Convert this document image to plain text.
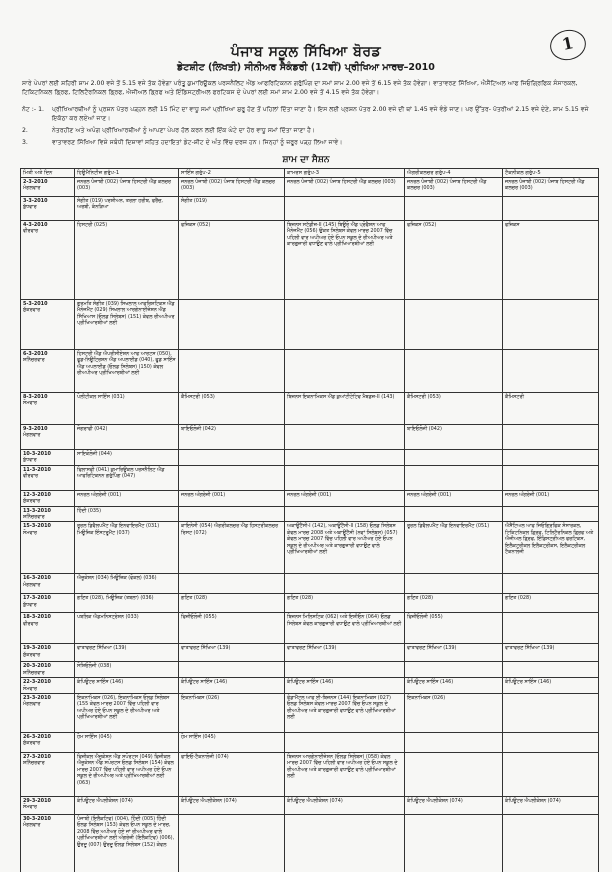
1
ਪੰਜਾਬ ਸਕੂਲ ਸਿੱਖਿਆ ਬੋਰਡ
ਡੇਟਸ਼ੀਟ (ਲਿਖਤੀ) ਸੀਨੀਅਰ ਸੈਕੰਡਰੀ (12ਵੀਂ) ਪ੍ਰੀਖਿਆ ਮਾਰਚ–2010
ਸਾਰੇ ਪੇਪਰਾਂ ਲਈ ਸ਼ਹਿਰੀ ਸ਼ਾਮ 2.00 ਵਜੇ ਤੋਂ 5.15 ਵਜੇ ਤੱਕ ਹੋਵੇਗਾ ਪਰੰਤੂ ਕੁਮਾਰਿਊਕਲ ਪਰਸਨੈਲਿਟ ਐਂਡ ਆਫਰਿਟਿਕਨਨ ਗਰੁੱਪਿੰਗ ਦਾ ਸਮਾਂ ਸ਼ਾਮ 2.00 ਵਜੇ ਤੋਂ 6.15 ਵਜੇ ਤੱਕ ਹੋਵੇਗਾ। ਵਾਤਾਵਰਣ ਸਿੱਖਿਆ, ਐਸੈਂਟਿਅਲ ਆਫ ਜਿਓਗ੍ਰਿਫਿਕ ਸੰਸਾਰਕਲ, ਟਿਕਿਟਨਿਕਲ ਡ੍ਰਿਫ, ਟਿਲਿਟੈਰਨਿਕਲ ਡ੍ਰਿਫ, ਐਜੀਅਲ ਡ੍ਰਿਫ ਅਤੇ ਇੰਡਿਸਟ੍ਰੀਅਲ ਫਰਟਿਕਸ ਦੇ ਪੇਪਰਾਂ ਲਈ ਸਮਾਂ ਸ਼ਾਮ 2.00 ਵਜੇ ਤੋਂ 4.15 ਵਜੇ ਤੱਕ ਹੋਵੇਗਾ।
ਨੋਟ :- 1.	ਪ੍ਰੀਖਿਆਰਥੀਆਂ ਨੂੰ ਪ੍ਰਸ਼ਨ ਪੱਤਰ ਪੜ੍ਹਨ ਲਈ 15 ਮਿੰਟ ਦਾ ਵਾਧੂ ਸਮਾਂ ਪ੍ਰੀਖਿਆ ਸ਼ੁਰੂ ਹੋਣ ਤੋਂ ਪਹਿਲਾਂ ਦਿੱਤਾ ਜਾਣਾ ਹੈ। ਇਸ ਲਈ ਪ੍ਰਸ਼ਨ ਪੱਤਰ 2.00 ਵਜੇ ਦੀ ਥਾਂ 1.45 ਵਜੇ ਵੰਡੇ ਜਾਣ। ਪਰ ਉੱਤਰ- ਪੱਤਰੀਆਂ 2.15 ਵਜੇ ਦੇਣੇ, ਸ਼ਾਮ 5.15 ਵਜੇ ਇਕੱਠਾ ਕਰ ਲਏਆਂ ਜਾਣ।
2.	ਨੇਤਰਹੀਣ ਅਤੇ ਅਪੰਗ ਪ੍ਰੀਖਿਆਰਥੀਆਂ ਨੂੰ ਆਪਣਾ ਪੇਪਰ ਹੱਲ ਕਰਨ ਲਈ ਇੱਕ ਘੰਟੇ ਦਾ ਹੋਰ ਵਾਧੂ ਸਮਾਂ ਦਿੱਤਾ ਜਾਣਾ ਹੈ।
3.	ਵਾਤਾਵਰਣ ਸਿੱਖਿਆ ਵਿਸ਼ੇ ਸਬੰਧੀ ਦਿਸ਼ਾਵਾਂ ਸਹਿਤ ਹਦਾਇਤਾਂ ਡੇਟ-ਸ਼ੀਟ ਦੇ ਅੰਤ ਵਿੱਚ ਦਰਜ ਹਨ। ਜਿਨ੍ਹਾਂ ਨੂੰ ਜ਼ਰੂਰ ਪੜ੍ਹ ਲਿਆ ਜਾਵੇ।
ਸ਼ਾਮ ਦਾ ਸੈਸ਼ਨ
ਮਿਤੀ ਅਤੇ ਦਿਨ	ਹਿਊਮੈਨਿਟੀਜ਼ ਗਰੁੱਪ-1	ਸਾਇੰਸ ਗਰੁੱਪ-2	ਕਾਮਰਸ ਗਰੁੱਪ-3	ਐਗਰੀਕਲਚਰ ਗਰੁੱਪ-4	ਟੈਕਨੀਕਲ ਗਰੁੱਪ-5

2-3-2010
ਮੰਗਲਵਾਰ	ਜਨਰਲ ਪੰਜਾਬੀ (002) ਪੰਜਾਬ ਹਿਸਟਰੀ ਐਂਡ ਕਲਚਰ (003)	ਜਨਰਲ ਪੰਜਾਬੀ (002) ਪੰਜਾਬ ਹਿਸਟਰੀ ਐਂਡ ਕਲਚਰ (003)	ਜਨਰਲ ਪੰਜਾਬੀ (002) ਪੰਜਾਬ ਹਿਸਟਰੀ ਐਂਡ ਕਲਚਰ (003)	ਜਨਰਲ ਪੰਜਾਬੀ (002) ਪੰਜਾਬ ਹਿਸਟਰੀ ਐਂਡ ਕਲਚਰ (003)	ਜਨਰਲ ਪੰਜਾਬੀ (002) ਪੰਜਾਬ ਹਿਸਟਰੀ ਐਂਡ ਕਲਚਰ (003)

3-3-2010
ਬੁੱਧਵਾਰ	ਸੰਗੀਤ (019) ਪਰਸ਼ੀਅਨ, ਤਰਲਾ ਹਰੀਬ, ਫਰੈਂਚ, ਅਰਬੀ, ਕੰਨੜਿਆ	ਸੰਗੀਤ (019)			

4-3-2010
ਵੀਰਵਾਰ	ਹਿਸਟਰੀ (025)	ਫਜ਼ਿਕਸ (052)	ਬਿਜ਼ਨਸ ਸਟੱਡੀਜ਼-II (145) ਬਿਊਰੋ ਐਂਡ ਪ੍ਰੋਫੈਸ਼ਨ ਆਫ ਮੈਨੇਜਮੈਂਟ (056) ਉਕਤ ਸਿਲੇਬਸ ਕੇਵਲ ਮਾਰਚ 2007 ਵਿੱਚ ਪਹਿਲੀ ਵਾਰ ਅਪੀਅਰ ਹੋਏ ਓਪਨ ਸਕੂਲ ਦੇ ਰੀਅਪੀਅਰ ਅਤੇ ਕਾਰਗੁਜ਼ਾਰੀ ਵਧਾਉਣ ਵਾਲੇ ਪ੍ਰੀਖਿਆਰਥੀਆਂ ਲਈ	ਫਜ਼ਿਕਸ (052)	ਫਜ਼ਿਕਸ

5-3-2010
ਸ਼ੁੱਕਰਵਾਰ	ਗੁਰਮਤਿ ਸੰਗੀਤ (039) ਸਿਖਲਾਲ ਆਫਰਿਸ਼ਟਿਕਸ ਐਂਡ ਮੈਨੇਜਮੈਂਟ (029) ਸਿਖਲਾਲ ਆਰਗੇਨਾਈਜ਼ੇਸ਼ਨ ਐਂਡ ਸਿੱਖਿਆਸ (ਓਲਡ ਸਿਲੇਬਸ) (151) ਕੇਵਲ ਰੀਅਪੀਅਰ ਪ੍ਰੀਖਿਆਰਥੀਆਂ ਲਈ				

6-3-2010
ਸ਼ਨਿੱਚਰਵਾਰ	ਹਿਸਟਰੀ ਐਂਡ ਐਪਰੀਸੀਏਸ਼ਨ ਆਫ ਆਰਟਸ (050), ਫੂਡ-ਨਿਊਟ੍ਰਿਸ਼ਨ ਐਂਡ ਅਪਲਾਈਡ (040), ਫੂਡ ਸਾਇੰਸ ਐਂਡ ਅਪਲਾਈਡ (ਓਲਡ ਸਿਲੇਬਸ) (150) ਕੇਵਲ ਰੀਅਪੀਅਰ ਪ੍ਰੀਖਿਆਰਥੀਆਂ ਲਈ				

8-3-2010
ਸੋਮਵਾਰ	ਪੋਲੀਟੀਕਲ ਸਾਇੰਸ (031)	ਕੈਮਿਸਟਰੀ (053)	ਬਿਜ਼ਨਸ ਇਕਨਾਮਿਕਸ ਐਂਡ ਕੁਆਂਟੀਟੇਟਿਵ ਮੈਥਡਜ਼-II (143)	ਕੈਮਿਸਟਰੀ (053)	ਕੈਮਿਸਟਰੀ

9-3-2010
ਮੰਗਲਵਾਰ	ਜੋਗਰਾਫੀ (042)	ਬਾਇਓਲੋਜੀ (042)		ਬਾਇਓਲੋਜੀ (042)	

10-3-2010
ਬੁੱਧਵਾਰ	ਸਾਇਕੋਲੋਜੀ (044)				

11-3-2010
ਵੀਰਵਾਰ	ਫਿਲਾਸਫੀ (041) ਕੁਮਾਰਿਊਕਲ ਪਰਸਨੈਲਿਟ ਐਂਡ ਆਫਰਿਟਿਕਨਨ ਗਰੁੱਪਿੰਗ (047)				

12-3-2010
ਸ਼ੁੱਕਰਵਾਰ	ਜਨਰਲ ਅੰਗਰੇਜ਼ੀ (001)	ਜਨਰਲ ਅੰਗਰੇਜ਼ੀ (001)	ਜਨਰਲ ਅੰਗਰੇਜ਼ੀ (001)	ਜਨਰਲ ਅੰਗਰੇਜ਼ੀ (001)	ਜਨਰਲ ਅੰਗਰੇਜ਼ੀ (001)

13-3-2010
ਸ਼ਨਿੱਚਰਵਾਰ	ਹਿੰਦੀ (035)				

15-3-2010
ਸੋਮਵਾਰ	ਰੂਰਲ ਡਿਵੈਲਪਮੈਂਟ ਐਂਡ ਇਨਵਾਇਰਮੈਂਟ (031) ਮਿਊਜ਼ਿਕ ਇੰਸਟਰੂਮੈਂਟ (037)	ਕਾਇਨੇਸੀ (054) ਐਗਰੀਕਲਚਰ ਐਂਡ ਹਿਸਟਰੀਕਲਚਰ ਰਿਸਟ (072)	ਅਕਾਊਂਟੈਂਸੀ-I (142), ਅਕਾਊਂਟੈਂਸੀ-II (158) ਓਲਡ ਸਿਲੇਬਸ ਕੇਵਲ ਮਾਰਚ 2008 ਅਤੇ ਅਕਾਊਂਟੈਂਸੀ (ਨਵਾਂ ਸਿਲੇਬਸ) (057) ਕੇਵਲ ਮਾਰਚ 2007 ਵਿੱਚ ਪਹਿਲੀ ਵਾਰ ਅਪੀਅਰ ਹੋਏ ਓਪਨ ਸਕੂਲ ਦੇ ਰੀਅਪੀਅਰ ਅਤੇ ਕਾਰਗੁਜ਼ਾਰੀ ਵਧਾਉਣ ਵਾਲੇ ਪ੍ਰੀਖਿਆਰਥੀਆਂ ਲਈ	ਰੂਰਲ ਡਿਵੈਲਪਮੈਂਟ ਐਂਡ ਇਨਵਾਇਰਮੈਂਟ (051)	ਐਸੈਂਟਿਅਲ ਆਫ ਜਿਓਗ੍ਰਿਫਿਕ ਸੰਸਾਰਕਲ, ਟਿਕਿਟਨਿਕਲ ਡ੍ਰਿਫ, ਟਿਲਿਟੈਰਨਿਕਲ ਡ੍ਰਿਫ ਅਤੇ ਐਜੀਅਲ ਡ੍ਰਿਫ, ਇੰਡਿਸਟ੍ਰੀਅਲ ਫਰਟਿਕਸ, ਇਲੈਕਟ੍ਰੀਕਲ ਇਲੈਕਟ੍ਰੀਕਸ, ਇਲੈਕਟ੍ਰੀਕਲ ਟੈਕਨਾਲੋਜੀ

16-3-2010
ਮੰਗਲਵਾਰ	ਐਜੂਕੇਸ਼ਨ (034) ਮਿਊਜ਼ਿਕ (ਵੋਕਲ) (036)				

17-3-2010
ਬੁੱਧਵਾਰ	ਗਣਿਤ (028), ਮਿਊਜ਼ਿਕ (ਤਬਲਾ) (036)	ਗਣਿਤ (028)	ਗਣਿਤ (028)	ਗਣਿਤ (028)	ਗਣਿਤ (028)

18-3-2010
ਵੀਰਵਾਰ	ਪਬਲਿਕ ਐਡਮਨਿਸਟ੍ਰੇਸ਼ਨ (033)	ਫਿਜ਼ੀਓਲੋਜੀ (055)	ਬਿਜ਼ਨਸ ਮਿਲਿਸਟਿਕ (062) ਅਤੇ ਇਸ਼ੀਓਨ (064) ਓਲਡ ਸਿਲੇਬਸ ਕੇਵਲ ਕਾਰਗੁਜ਼ਾਰੀ ਵਧਾਉਣ ਵਾਲੇ ਪ੍ਰੀਖਿਆਰਥੀਆਂ ਲਈ	ਫਿਜ਼ੀਓਲੋਜੀ (055)	

19-3-2010
ਸ਼ੁੱਕਰਵਾਰ	ਵਾਤਾਵਰਣ ਸਿੱਖਿਆ (139)	ਵਾਤਾਵਰਣ ਸਿੱਖਿਆ (139)	ਵਾਤਾਵਰਣ ਸਿੱਖਿਆ (139)	ਵਾਤਾਵਰਣ ਸਿੱਖਿਆ (139)	ਵਾਤਾਵਰਣ ਸਿੱਖਿਆ (139)

20-3-2010
ਸ਼ਨਿੱਚਰਵਾਰ	ਸੋਸ਼ਿਓਲੋਜੀ (038)				

22-3-2010
ਸੋਮਵਾਰ	ਕੰਪਿਊਟਰ ਸਾਇੰਸ (146)	ਕੰਪਿਊਟਰ ਸਾਇੰਸ (146)	ਕੰਪਿਊਟਰ ਸਾਇੰਸ (146)	ਕੰਪਿਊਟਰ ਸਾਇੰਸ (146)	ਕੰਪਿਊਟਰ ਸਾਇੰਸ (146)

23-3-2010
ਮੰਗਲਵਾਰ	ਇਕਨਾਮਿਕਸ (026), ਇਕਨਾਮਿਕਸ ਓਲਡ ਸਿਲੇਬਸ (155 ਕੇਵਲ ਮਾਰਚ 2007 ਵਿੱਚ ਪਹਿਲੀ ਵਾਰ ਅਪੀਅਰ ਹੋਏ ਓਪਨ ਸਕੂਲ ਦੇ ਰੀਅਪੀਅਰ ਅਤੇ ਪ੍ਰੀਖਿਆਰਥੀਆਂ ਲਈ	ਇਕਨਾਮਿਕਸ (026)	ਫੰਡਾਮੈਂਟਲ ਆਫ ਈ-ਬਿਜ਼ਨਸ (144) ਇਕਨਾਮਿਕਸ (027) ਓਲਡ ਸਿਲੇਬਸ ਕੇਵਲ ਮਾਰਚ 2007 ਵਿੱਚ ਓਪਨ ਸਕੂਲ ਦੇ ਰੀਅਪੀਅਰ ਅਤੇ ਕਾਰਗੁਜ਼ਾਰੀ ਵਧਾਉਣ ਵਾਲੇ ਪ੍ਰੀਖਿਆਰਥੀਆਂ ਲਈ	ਇਕਨਾਮਿਕਸ (026)	

26-3-2010
ਸ਼ੁੱਕਰਵਾਰ	ਹੋਮ ਸਾਇੰਸ (045)	ਹੋਮ ਸਾਇੰਸ (045)			

27-3-2010
ਸ਼ਨਿੱਚਰਵਾਰ	ਫਿਜ਼ੀਕਲ ਐਜੂਕੇਸ਼ਨ ਐਂਡ ਸਪੋਰਟਸ (049) ਫਿਜ਼ੀਕਲ ਐਜੂਕੇਸ਼ਨ ਐਂਡ ਸਪੋਰਟਸ ਓਲਡ ਸਿਲੇਬਸ (154) ਕੇਵਲ ਮਾਰਚ 2007 ਵਿੱਚ ਪਹਿਲੀ ਵਾਰ ਅਪੀਅਰ ਹੋਏ ਓਪਨ ਸਕੂਲ ਦੇ ਰੀਅਪੀਅਰ ਅਤੇ ਪ੍ਰੀਖਿਆਰਥੀਆਂ ਲਈ (063)	ਫਾਇਓ-ਟੈਕਨਾਲੋਜੀ (074)	ਬਿਜ਼ਨਸ ਆਰਗੇਨਾਈਜ਼ੇਸ਼ਨ (ਓਲਡ ਸਿਲੇਬਸ) (058) ਕੇਵਲ ਮਾਰਚ 2007 ਵਿੱਚ ਪਹਿਲੀ ਵਾਰ ਅਪੀਅਰ ਹੋਏ ਓਪਨ ਸਕੂਲ ਦੇ ਰੀਅਪੀਅਰ ਅਤੇ ਕਾਰਗੁਜ਼ਾਰੀ ਵਧਾਉਣ ਵਾਲੇ ਪ੍ਰੀਖਿਆਰਥੀਆਂ ਲਈ		

29-3-2010
ਸੋਮਵਾਰ	ਕੰਪਿਊਟਰ ਐਪਲੀਕੇਸ਼ਨ (074)	ਕੰਪਿਊਟਰ ਐਪਲੀਕੇਸ਼ਨ (074)	ਕੰਪਿਊਟਰ ਐਪਲੀਕੇਸ਼ਨ (074)	ਕੰਪਿਊਟਰ ਐਪਲੀਕੇਸ਼ਨ (074)	ਕੰਪਿਊਟਰ ਐਪਲੀਕੇਸ਼ਨ (074)

30-3-2010
ਮੰਗਲਵਾਰ	ਪੰਜਾਬੀ (ਇਲੈਕਟਿਵ) (004), ਹਿੰਦੀ (005) ਹਿੰਦੀ ਓਲਡ ਸਿਲੇਬਸ (153) ਕੇਵਲ ਓਪਨ ਸਕੂਲ ਦੇ ਮਾਰਚ, 2008 ਵਿੱਚ ਅਪੀਅਰ ਹੋਏ ਜਾਂ ਰੀਅਪੀਅਰ ਵਾਲੇ ਪ੍ਰੀਖਿਆਰਥੀਆਂ ਲਈ ਅੰਗਰੇਜ਼ੀ (ਇਲੈਕਟਿਵ) (006), ਉਰਦੂ (007) ਉਰਦੂ ਓਲਡ ਸਿਲੇਬਸ (152) ਕੇਵਲ				
